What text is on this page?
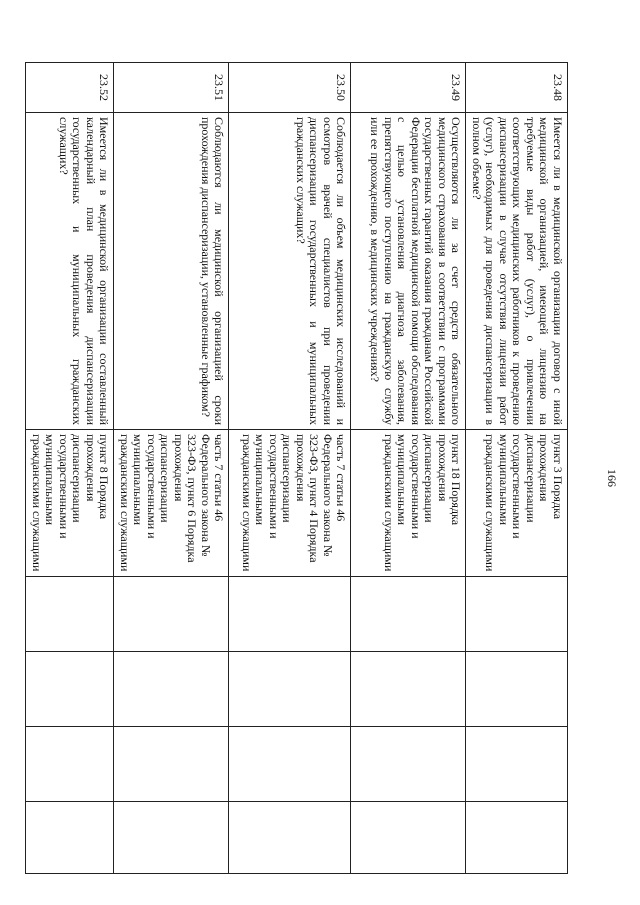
166
23.48	Имеется ли в медицинской организации договор с иной медицинской организацией, имеющей лицензию на требуемые виды работ (услуг), о привлечении соответствующих медицинских работников к проведению диспансеризации в случае отсутствия лицензии работ (услуг), необходимых для проведения диспансеризации в полном объеме?	пункт 3 Порядка прохождения диспансеризации государственными и муниципальными гражданскими служащими				
23.49	Осуществляются ли за счет средств обязательного медицинского страхования в соответствии с программами государственных гарантий оказания гражданам Российской Федерации бесплатной медицинской помощи обследования с целью установления диагноза заболевания, препятствующего поступлению на гражданскую службу или ее прохождению, в медицинских учреждениях?	пункт 18 Порядка прохождения диспансеризации государственными и муниципальными гражданскими служащими				
23.50	Соблюдается ли объем медицинских исследований и осмотров врачей специалистов при проведении диспансеризации государственных и муниципальных гражданских служащих?	часть 7 статьи 46 Федерального закона № 323-ФЗ, пункт 4 Порядка прохождения диспансеризации государственными и муниципальными гражданскими служащими				
23.51	Соблюдаются ли медицинской организацией сроки прохождения диспансеризации, установленные графиком?	часть 7 статьи 46 Федерального закона № 323-ФЗ, пункт 6 Порядка прохождения диспансеризации государственными и муниципальными гражданскими служащими				
23.52	Имеется ли в медицинской организации составленный календарный план проведения диспансеризации государственных и муниципальных гражданских служащих?	пункт 8 Порядка прохождения диспансеризации государственными и муниципальными гражданскими служащими				
